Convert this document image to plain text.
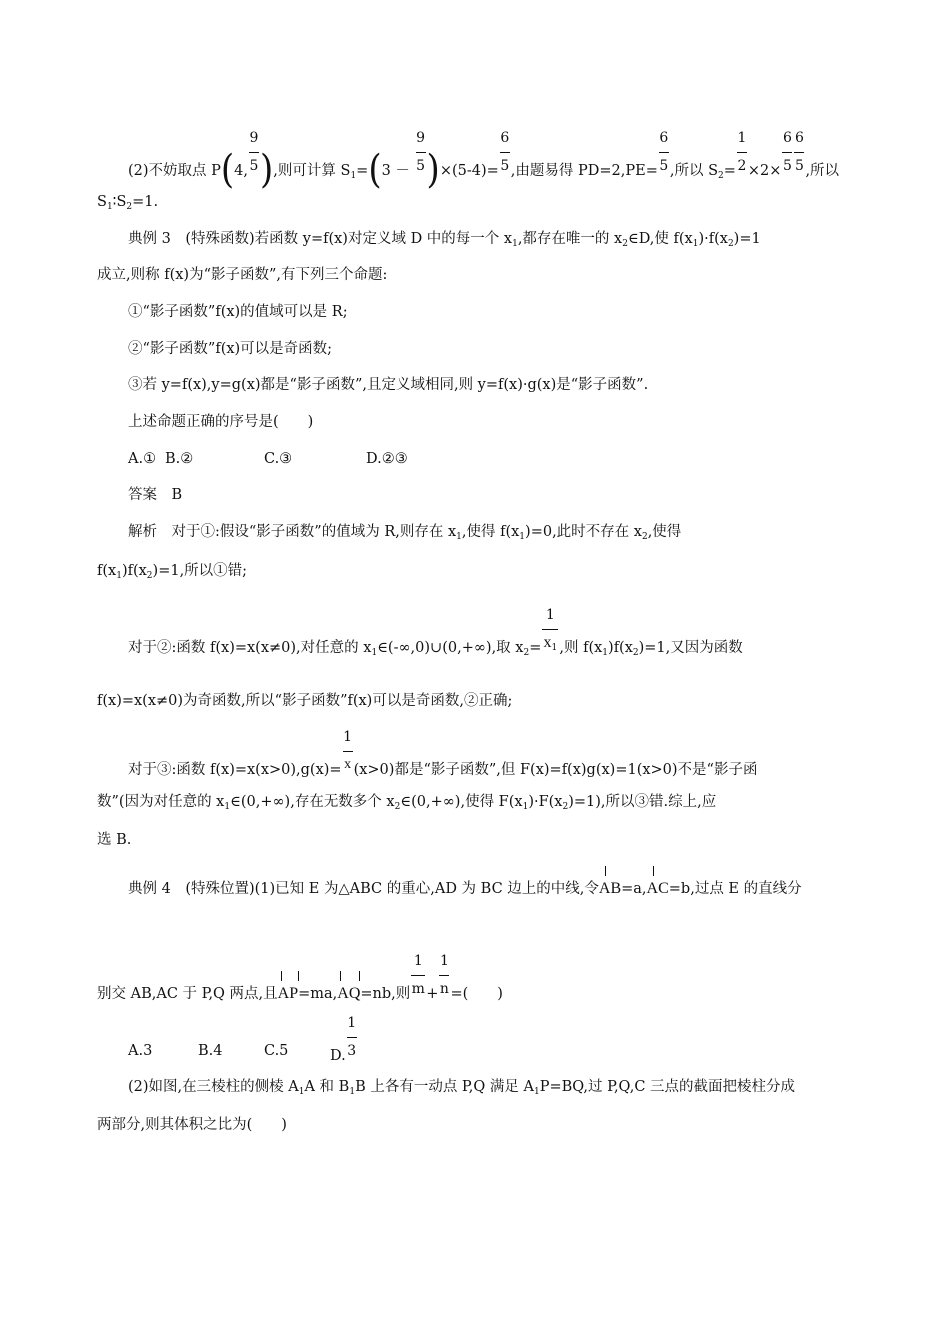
(2)不妨取点 P(4, $\frac{9}{5}$ ),则可计算 $S_1=(3 - \frac{9}{5} )\times(5-4)= \frac{6}{5}$ ,由题易得 $PD=2,PE= \frac{6}{5}$ ,所以 $S_2= \frac{1}{2} \times 2\times \frac{6}{5} \frac{6}{5}$ ,所以
$S_1∶S_2=1$.
典例 3　(特殊函数)若函数 y=f(x)对定义域 D 中的每一个 $x_1$,都存在唯一的 $x_2\in D$,使 $f(x_1)\cdot f(x_2)=1$
成立,则称 f(x)为“影子函数”,有下列三个命题:
①“影子函数”f(x)的值域可以是 R;
②“影子函数”f(x)可以是奇函数;
③若 y=f(x),y=g(x)都是“影子函数”,且定义域相同,则 y=f(x)·g(x)是“影子函数”.
上述命题正确的序号是(　　)
A.① B.②	C.③	D.②③
答案　B
解析　对于①:假设“影子函数”的值域为 R,则存在 $x_1$,使得 $f(x_1)=0$,此时不存在 $x_2$,使得
$f(x_1)f(x_2)=1$,所以①错;
对于②:函数 f(x)=x(x≠0),对任意的 $x_1\in(-\infty,0)\cup(0,+\infty)$,取 $x_2= \frac{1}{x_1}$ ,则 $f(x_1)f(x_2)=1$,又因为函数
f(x)=x(x≠0)为奇函数,所以“影子函数”f(x)可以是奇函数,②正确;
对于③:函数 $f(x)=x(x>0),g(x)= \frac{1}{x} (x>0)$都是“影子函数”,但 F(x)=f(x)g(x)=1(x>0)不是“影子函
数”(因为对任意的 $x_1\in(0,+\infty)$,存在无数多个 $x_2\in(0,+\infty)$,使得 $F(x_1)\cdot F(x_2)=1$),所以③错.综上,应
选 B.
典例 4　(特殊位置)(1)已知 E 为△ABC 的重心,AD 为 BC 边上的中线,令
AB=a,
AC=b,过点 E 的直线分
别交 AB,AC 于 P,Q 两点,且
AP=ma,
AQ=nb,则 $\frac{1}{m} + \frac{1}{n}$ =(　　)
A.3	B.4	C.5	D. $\frac{1}{3}$
(2)如图,在三棱柱的侧棱 $A_1A$ 和 $B_1B$ 上各有一动点 P,Q 满足 $A_1P=BQ$,过 P,Q,C 三点的截面把棱柱分成
两部分,则其体积之比为(　　)
